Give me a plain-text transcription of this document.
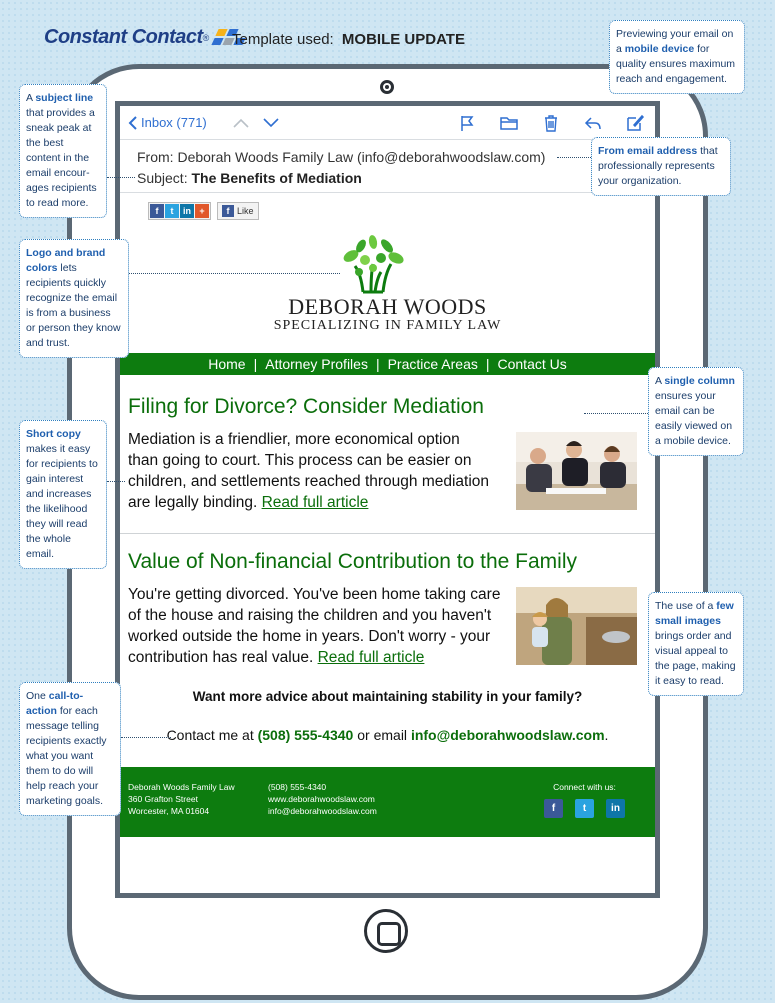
Constant Contact ® Template used: MOBILE UPDATE
Inbox (771)
From: Deborah Woods Family Law (info@deborahwoodslaw.com)
Subject: The Benefits of Mediation
f	t	in +	f Like
DEBORAH WOODS
SPECIALIZING IN FAMILY LAW
Home | Attorney Profiles | Practice Areas | Contact Us
Filing for Divorce? Consider Mediation
Mediation is a friendlier, more economical option
than going to court. This process can be easier on
children, and settlements reached through mediation
are legally binding. Read full article
Value of Non-financial Contribution to the Family
You're getting divorced. You've been home taking care
of the house and raising the children and you haven't
worked outside the home in years. Don't worry - your
contribution has real value. Read full article
Want more advice about maintaining stability in your family?
Contact me at (508) 555-4340 or email info@deborahwoodslaw.com.
Deborah Woods Family Law
360 Grafton Street
Worcester, MA 01604
(508) 555-4340
www.deborahwoodslaw.com
info@deborahwoodslaw.com
Connect with us:
f	t	in
Previewing your email on a mobile device for quality ensures maximum reach and engagement.
A subject line that provides a sneak peak at the best content in the email encour-ages recipients to read more.
From email address that professionally represents your organization.
Logo and brand colors lets recipients quickly recognize the email is from a business or person they know and trust.
A single column ensures your email can be easily viewed on a mobile device.
Short copy makes it easy for recipients to gain interest and increases the likelihood they will read the whole email.
The use of a few small images brings order and visual appeal to the page, making it easy to read.
One call-to-action for each message telling recipients exactly what you want them to do will help reach your marketing goals.
